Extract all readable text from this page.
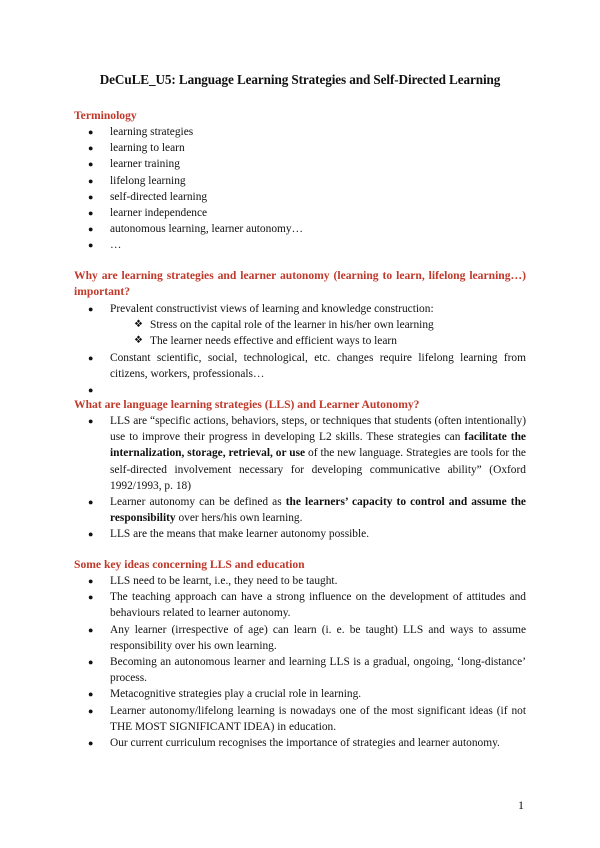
DeCuLE_U5: Language Learning Strategies and Self-Directed Learning
Terminology
● learning strategies
● learning to learn
● learner training
● lifelong learning
● self-directed learning
● learner independence
● autonomous learning, learner autonomy…
● …
Why are learning strategies and learner autonomy (learning to learn, lifelong learning…) important?
● Prevalent constructivist views of learning and knowledge construction:
❖ Stress on the capital role of the learner in his/her own learning
❖ The learner needs effective and efficient ways to learn
● Constant scientific, social, technological, etc. changes require lifelong learning from citizens, workers, professionals…
●
What are language learning strategies (LLS) and Learner Autonomy?
● LLS are “specific actions, behaviors, steps, or techniques that students (often intentionally) use to improve their progress in developing L2 skills. These strategies can facilitate the internalization, storage, retrieval, or use of the new language. Strategies are tools for the self-directed involvement necessary for developing communicative ability” (Oxford 1992/1993, p. 18)
● Learner autonomy can be defined as the learners’ capacity to control and assume the responsibility over hers/his own learning.
● LLS are the means that make learner autonomy possible.
Some key ideas concerning LLS and education
● LLS need to be learnt, i.e., they need to be taught.
● The teaching approach can have a strong influence on the development of attitudes and behaviours related to learner autonomy.
● Any learner (irrespective of age) can learn (i. e. be taught) LLS and ways to assume responsibility over his own learning.
● Becoming an autonomous learner and learning LLS is a gradual, ongoing, ‘long-distance’ process.
● Metacognitive strategies play a crucial role in learning.
● Learner autonomy/lifelong learning is nowadays one of the most significant ideas (if not THE MOST SIGNIFICANT IDEA) in education.
● Our current curriculum recognises the importance of strategies and learner autonomy.
1
